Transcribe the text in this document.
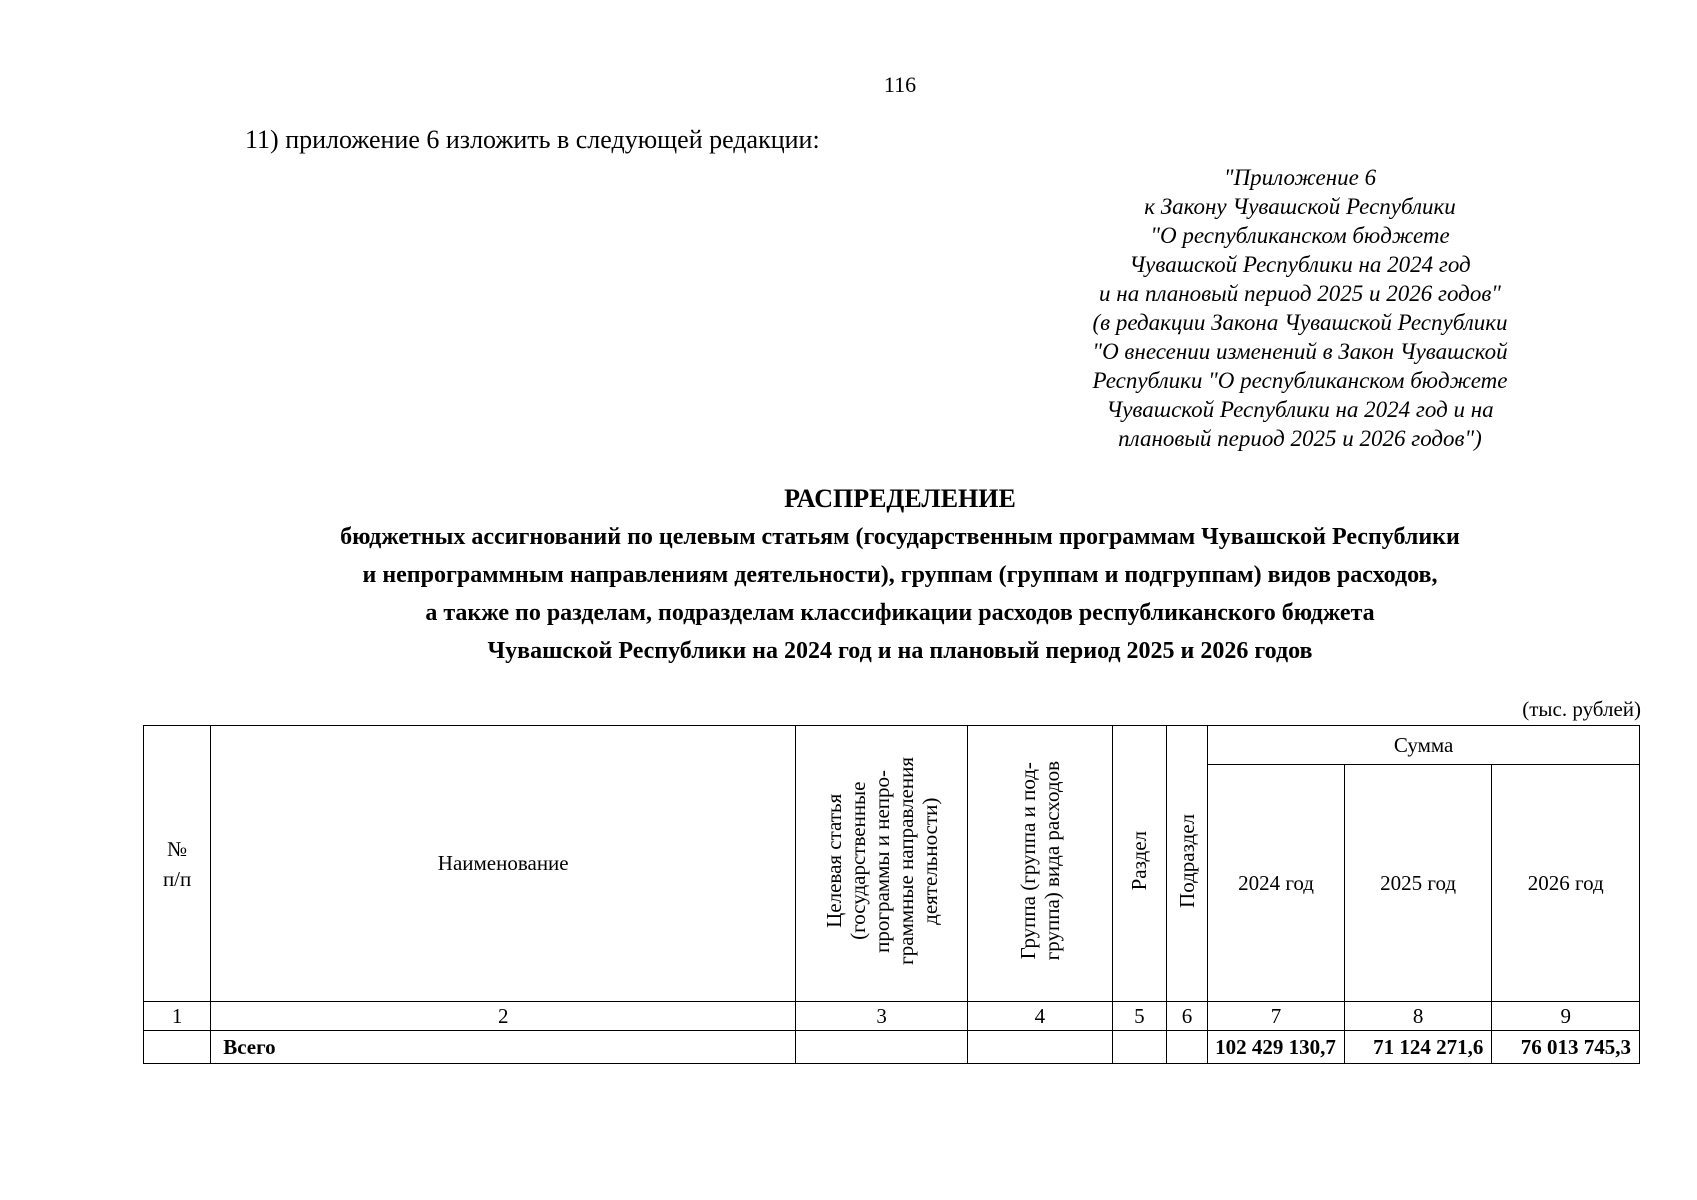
116
11) приложение 6 изложить в следующей редакции:
"Приложение 6
к Закону Чувашской Республики
"О республиканском бюджете
Чувашской Республики на 2024 год
и на плановый период 2025 и 2026 годов"
(в редакции Закона Чувашской Республики
"О внесении изменений в Закон Чувашской
Республики "О республиканском бюджете
Чувашской Республики на 2024 год и на
плановый период 2025 и 2026 годов")
РАСПРЕДЕЛЕНИЕ
бюджетных ассигнований по целевым статьям (государственным программам Чувашской Республики
и непрограммным направлениям деятельности), группам (группам и подгруппам) видов расходов,
а также по разделам, подразделам классификации расходов республиканского бюджета
Чувашской Республики на 2024 год и на плановый период 2025 и 2026 годов
(тыс. рублей)
№
п/п	Наименование	Целевая статья
(государственные
программы и непро-
граммные направления
деятельности)	Группа (группа и под-
группа) вида расходов	Раздел	Подраздел	Сумма		
						2024 год	2025 год	2026 год
1	2	3	4	5	6	7	8	9
	Всего					102 429 130,7	71 124 271,6	76 013 745,3
